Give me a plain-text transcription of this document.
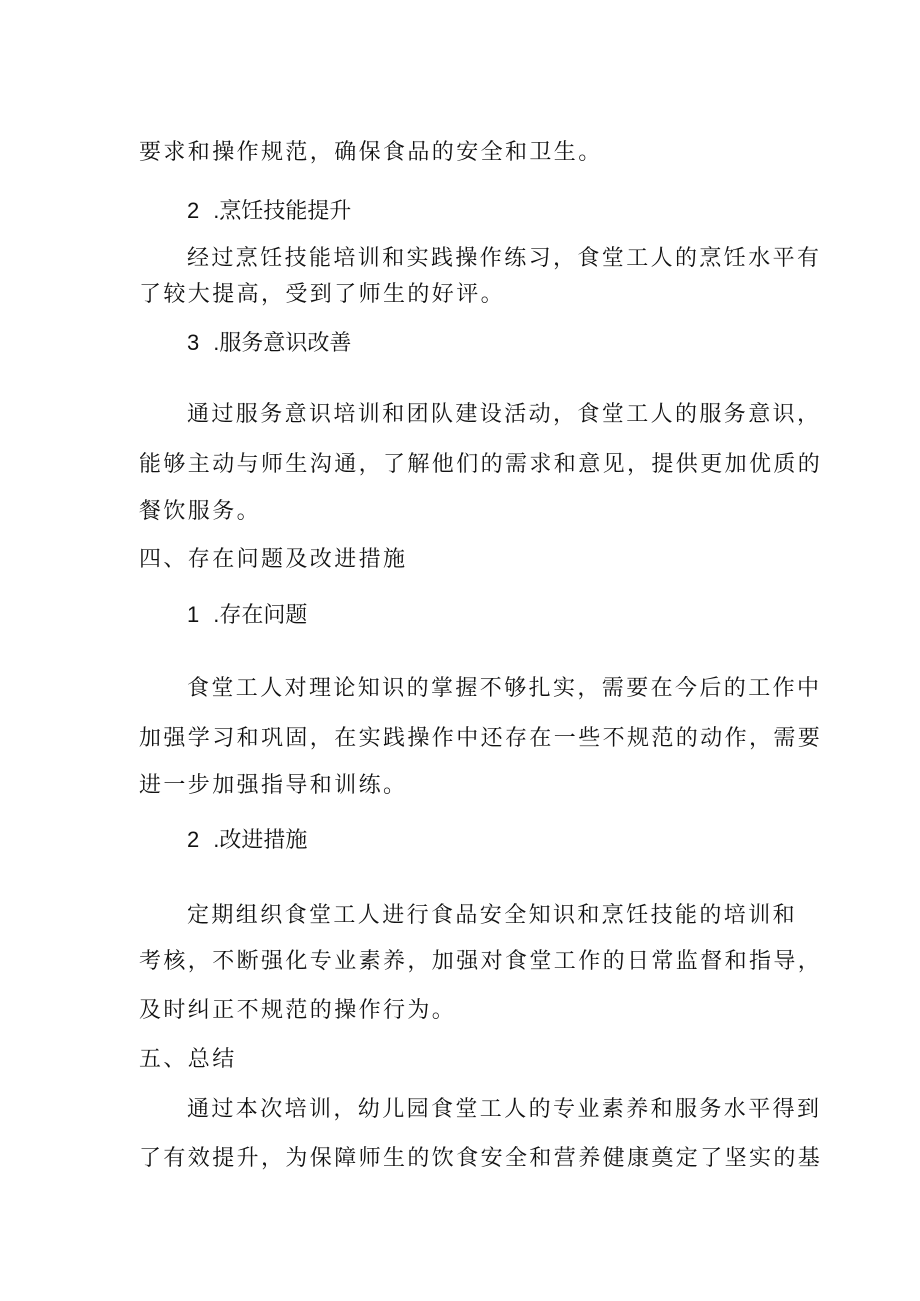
要求和操作规范，确保食品的安全和卫生。
2 .烹饪技能提升
经过烹饪技能培训和实践操作练习，食堂工人的烹饪水平有
了较大提高，受到了师生的好评。
3 .服务意识改善
通过服务意识培训和团队建设活动，食堂工人的服务意识，
能够主动与师生沟通，了解他们的需求和意见，提供更加优质的
餐饮服务。
四、存在问题及改进措施
1 .存在问题
食堂工人对理论知识的掌握不够扎实，需要在今后的工作中
加强学习和巩固，在实践操作中还存在一些不规范的动作，需要
进一步加强指导和训练。
2 .改进措施
定期组织食堂工人进行食品安全知识和烹饪技能的培训和
考核，不断强化专业素养，加强对食堂工作的日常监督和指导，
及时纠正不规范的操作行为。
五、总结
通过本次培训，幼儿园食堂工人的专业素养和服务水平得到
了有效提升，为保障师生的饮食安全和营养健康奠定了坚实的基
